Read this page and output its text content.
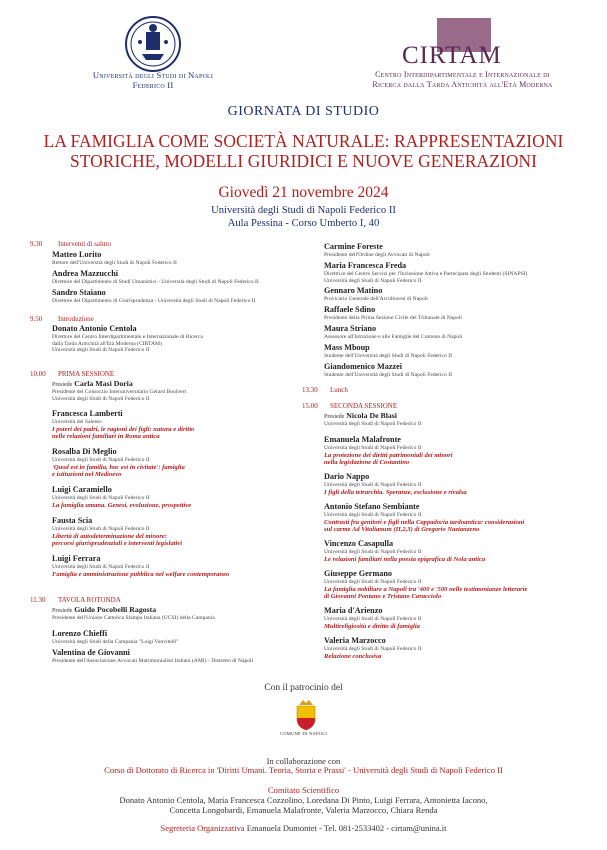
Università degli Studi di Napoli
Federico II
CIRTAM
Centro Interdipartimentale e Internazionale di
Ricerca dalla Tarda Antichità all'Età Moderna
GIORNATA DI STUDIO
LA FAMIGLIA COME SOCIETÀ NATURALE: RAPPRESENTAZIONI
STORICHE, MODELLI GIURIDICI E NUOVE GENERAZIONI
Giovedì 21 novembre 2024
Università degli Studi di Napoli Federico II
Aula Pessina - Corso Umberto I, 40
9.30 Interventi di saluto
Matteo Lorito
Rettore dell'Università degli Studi di Napoli Federico II
Andrea Mazzucchi
Direttore del Dipartimento di Studi Umanistici - Università degli Studi di Napoli Federico II
Sandro Staiano
Direttore del Dipartimento di Giurisprudenza - Università degli Studi di Napoli Federico II
9.50 Introduzione
Donato Antonio Centola
Direttore del Centro Interdipartimentale e Internazionale di Ricerca
dalla Tarda Antichità all'Età Moderna (CIRTAM)
Università degli Studi di Napoli Federico II
10.00 PRIMA SESSIONE
Presiede Carla Masi Doria
Presidente del Consorzio Interuniversitario Gérard Boulvert
Università degli Studi di Napoli Federico II
Francesca Lamberti
Università del Salento
I poteri dei padri, le ragioni dei figli: natura e diritto
nelle relazioni familiari in Roma antica
Rosalba Di Meglio
Università degli Studi di Napoli Federico II
'Quod est in familia, hoc est in civitate': famiglia
e istituzioni nel Medioevo
Luigi Caramiello
Università degli Studi di Napoli Federico II
La famiglia umana. Genesi, evoluzione, prospettive
Fausta Scia
Università degli Studi di Napoli Federico II
Libertà di autodeterminazione del minore:
percorsi giurisprudenziali e interventi legislativi
Luigi Ferrara
Università degli Studi di Napoli Federico II
Famiglia e amministrazione pubblica nel welfare contemporaneo
11.30 TAVOLA ROTONDA
Presiede Guido Pocobelli Ragosta
Presidente dell'Unione Cattolica Stampa Italiana (UCSI) della Campania
Lorenzo Chieffi
Università degli Studi della Campania "Luigi Vanvitelli"
Valentina de Giovanni
Presidente dell'Associazione Avvocati Matrimonialisti Italiani (AMI) - Distretto di Napoli
Carmine Foreste
Presidente dell'Ordine degli Avvocati di Napoli
Maria Francesca Freda
Direttrice del Centro Servizi per l'Inclusione Attiva e Partecipata degli Studenti (SINAPSI)
Università degli Studi di Napoli Federico II
Gennaro Matino
Provicario Generale dell'Arcidiocesi di Napoli
Raffaele Sdino
Presidente della Prima Sezione Civile del Tribunale di Napoli
Maura Striano
Assessore all'Istruzione e alle Famiglie del Comune di Napoli
Mass Mboup
Studente dell'Università degli Studi di Napoli Federico II
Giandomenico Mazzei
Studente dell'Università degli Studi di Napoli Federico II
13.30 Lunch
15.00 SECONDA SESSIONE
Presiede Nicola De Blasi
Università degli Studi di Napoli Federico II
Emanuela Malafronte
Università degli Studi di Napoli Federico II
La protezione dei diritti patrimoniali dei minori
nella legislazione di Costantino
Dario Nappo
Università degli Studi di Napoli Federico II
I figli della tetrarchia. Speranze, esclusione e rivalsa
Antonio Stefano Sembiante
Università degli Studi di Napoli Federico II
Contrasti fra genitori e figli nella Cappadocia tardoantica: considerazioni
sul carme Ad Vitalianum (II,2,3) di Gregorio Nazianzeno
Vincenzo Casapulla
Università degli Studi di Napoli Federico II
Le relazioni familiari nella poesia epigrafica di Nola antica
Giuseppe Germano
Università degli Studi di Napoli Federico II
La famiglia nobiliare a Napoli tra '400 e '500 nelle testimonianze letterarie
di Giovanni Pontano e Tristano Caracciolo
Maria d'Arienzo
Università degli Studi di Napoli Federico II
Multireligiosità e diritto di famiglia
Valeria Marzocco
Università degli Studi di Napoli Federico II
Relazione conclusiva
Con il patrocinio del
COMUNE DI NAPOLI
In collaborazione con
Corso di Dottorato di Ricerca in 'Diritti Umani. Teoria, Storia e Prassi' - Università degli Studi di Napoli Federico II
Comitato Scientifico
Donato Antonio Centola, Maria Francesca Cozzolino, Loredana Di Pinto, Luigi Ferrara, Antonietta Iacono,
Concetta Longobardi, Emanuela Malafronte, Valeria Marzocco, Chiara Renda
Segreteria Organizzativa Emanuela Dumontet - Tel. 081-2533402 - cirtam@unina.it
